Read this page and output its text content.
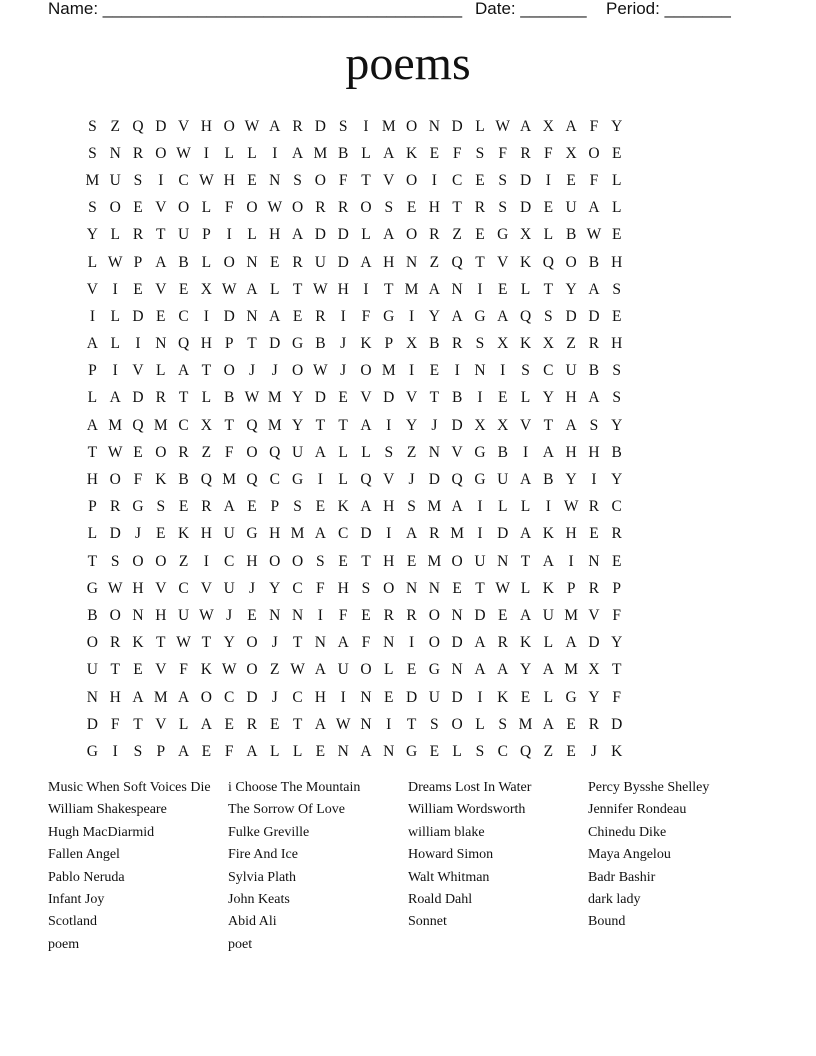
Name: ______________________________________ Date: _______ Period: _______
poems
S Z Q D V H O W A R D S	I M O N D L W A X A F Y
S N R O W I L L I A M B L A K E F S F R F X O E
M U S	I C W H E N S O F T V O I C E S D I E F L
S O E V O L F O W O R R O S E H T R S D E U A L
Y L R T U P	I L H A D D L A O R Z E G X L B W E
L W P A B L O N E R U D A H N Z Q T V K Q O B H
V I E V E X W A L T W H I T M A N I E L T Y A S
I L D E C I D N A E R I	F G I Y A G A Q S D D E
A L I N Q H P T D G B J K P X B R S X K X Z R H
P	I V L A T O J	J O W J O M I E I N I	S C U B S
L A D R T L B W M Y D E V D V T B I E L Y H A S
A M Q M C X T Q M Y T T A I Y J D X X V T A S Y
T W E O R Z F O Q U A L L S Z N V G B I A H H B
H O F K B Q M Q C G I L Q V J D Q G U A B Y I Y
P R G S E R A E P S E K A H S M A I L L I W R C
L D J E K H U G H M A C D I A R M I D A K H E R
T S O O Z I C H O O S E T H E M O U N T A I N E
G W H V C V U J Y C F H S O N N E T W L K P R P
B O N H U W J E N N I	F E R R O N D E A U M V F
O R K T W T Y O J T N A F N I O D A R K L A D Y
U T E V F K W O Z W A U O L E G N A A Y A M X T
N H A M A O C D J C H I N E D U D I K E L G Y F
D F T V L A E R E T A W N I T S O L S M A E R D
G I	S P A E F A L L E N A N G E L S C Q Z E J K
Music When Soft Voices Die
William Shakespeare
Hugh MacDiarmid
Fallen Angel
Pablo Neruda
Infant Joy
Scotland
poem
i Choose The Mountain
The Sorrow Of Love
Fulke Greville
Fire And Ice
Sylvia Plath
John Keats
Abid Ali
poet
Dreams Lost In Water
William Wordsworth
william blake
Howard Simon
Walt Whitman
Roald Dahl
Sonnet
Percy Bysshe Shelley
Jennifer Rondeau
Chinedu Dike
Maya Angelou
Badr Bashir
dark lady
Bound
